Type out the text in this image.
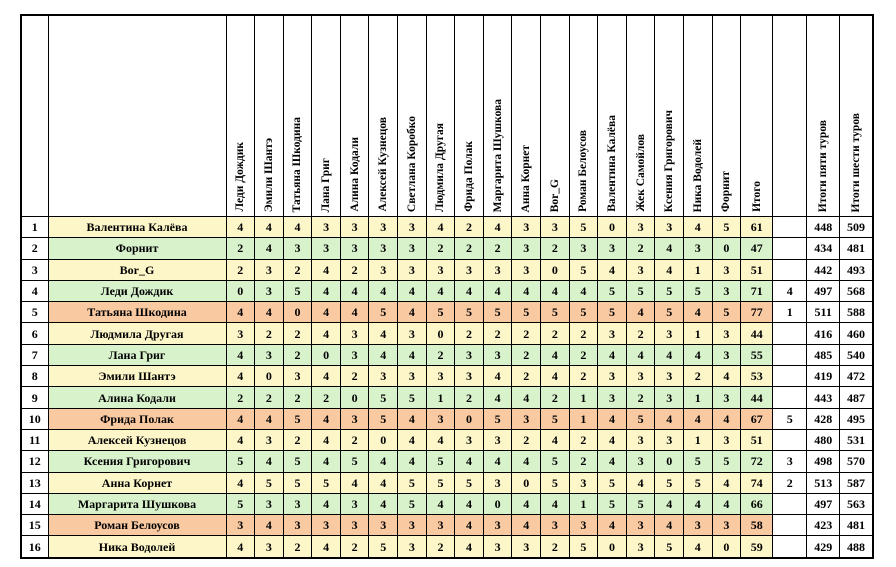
		Леди Дождик	Эмили Шантэ	Татьяна Шкодина	Лана Григ	Алина Кодали	Алексей Кузнецов	Светлана Коробко	Людмила Другая	Фрида Полак	Маргарита Шушкова	Анна Корнет	Bor_G	Роман Белоусов	Валентина Калёва	Жек Самойлов	Ксения Григорович	Ника Водолей	Форнит	Итого		Итоги пяти туров	Итоги шести туров
1	Валентина Калёва	4	4	4	3	3	3	3	4	2	4	3	3	5	0	3	3	4	5	61		448	509
2	Форнит	2	4	3	3	3	3	3	2	2	2	3	2	3	3	2	4	3	0	47		434	481
3	Bor_G	2	3	2	4	2	3	3	3	3	3	3	0	5	4	3	4	1	3	51		442	493
4	Леди Дождик	0	3	5	4	4	4	4	4	4	4	4	4	4	5	5	5	5	3	71	4	497	568
5	Татьяна Шкодина	4	4	0	4	4	5	4	5	5	5	5	5	5	5	4	5	4	5	77	1	511	588
6	Людмила Другая	3	2	2	4	3	4	3	0	2	2	2	2	2	3	2	3	1	3	44		416	460
7	Лана Григ	4	3	2	0	3	4	4	2	3	3	2	4	2	4	4	4	4	3	55		485	540
8	Эмили Шантэ	4	0	3	4	2	3	3	3	3	4	2	4	2	3	3	3	2	4	53		419	472
9	Алина Кодали	2	2	2	2	0	5	5	1	2	4	4	2	1	3	2	3	1	3	44		443	487
10	Фрида Полак	4	4	5	4	3	5	4	3	0	5	3	5	1	4	5	4	4	4	67	5	428	495
11	Алексей Кузнецов	4	3	2	4	2	0	4	4	3	3	2	4	2	4	3	3	1	3	51		480	531
12	Ксения Григорович	5	4	5	4	5	4	4	5	4	4	4	5	2	4	3	0	5	5	72	3	498	570
13	Анна Корнет	4	5	5	5	4	4	5	5	5	3	0	5	3	5	4	5	5	4	74	2	513	587
14	Маргарита Шушкова	5	3	3	4	3	4	5	4	4	0	4	4	1	5	5	4	4	4	66		497	563
15	Роман Белоусов	3	4	3	3	3	3	3	3	4	3	4	3	3	4	3	4	3	3	58		423	481
16	Ника Водолей	4	3	2	4	2	5	3	2	4	3	3	2	5	0	3	5	4	0	59		429	488
